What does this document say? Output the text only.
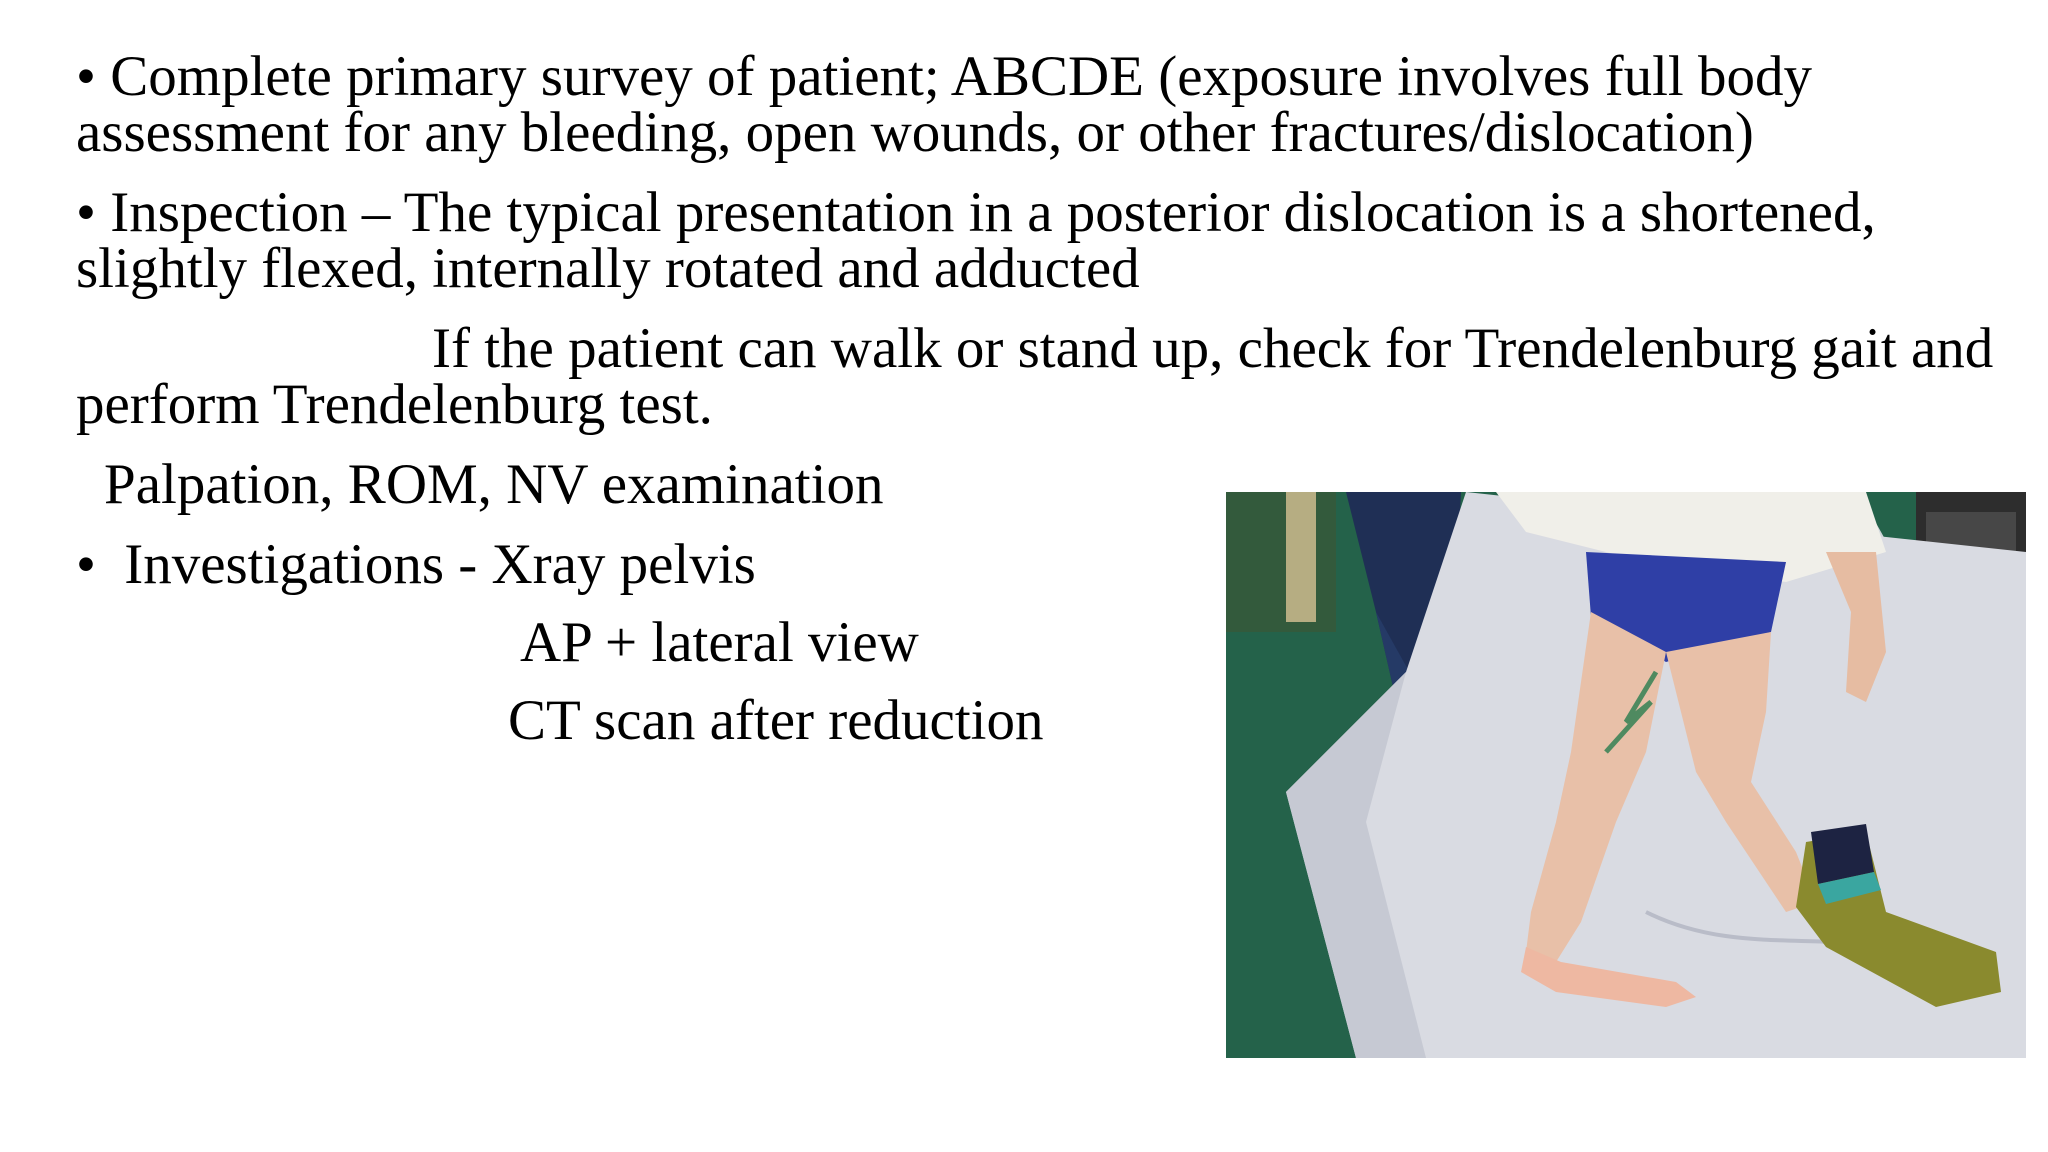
• Complete primary survey of patient; ABCDE (exposure involves full body
assessment for any bleeding, open wounds, or other fractures/dislocation)
• Inspection – The typical presentation in a posterior dislocation is a shortened,
slightly flexed, internally rotated and adducted
If the patient can walk or stand up, check for Trendelenburg gait and
perform Trendelenburg test.
Palpation, ROM, NV examination
• Investigations - Xray pelvis
AP + lateral view
CT scan after reduction
